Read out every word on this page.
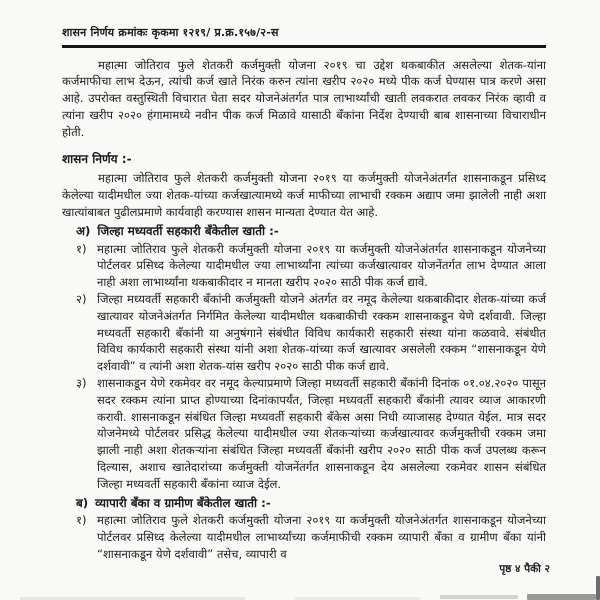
शासन निर्णय क्रमांकः कृकमा १२१९/ प्र.क्र.१५७/२-स

महात्मा जोतिराव फुले शेतकरी कर्जमुक्ती योजना २०१९ चा उद्देश थकबाकीत असलेल्या शेतक-यांना कर्जमाफीचा लाभ देऊन, त्यांची कर्ज खाते निरंक करुन त्यांना खरीप २०२० मध्ये पीक कर्ज घेण्यास पात्र करणे असा आहे. उपरोक्त वस्तुस्थिती विचारात घेता सदर योजनेअंतर्गत पात्र लाभार्थ्यांची खाती लवकरात लवकर निरंक व्हावी व त्यांना खरीप २०२० हंगामामध्ये नवीन पीक कर्ज मिळावे यासाठी बँकांना निर्देश देण्याची बाब शासनाच्या विचाराधीन होती.

शासन निर्णय :-

महात्मा जोतिराव फुले शेतकरी कर्जमुक्ती योजना २०१९ या कर्जमुक्ती योजनेअंतर्गत शासनाकडून प्रसिध्द केलेल्या यादीमधील ज्या शेतक-यांच्या कर्जखात्यामध्ये कर्ज माफीच्या लाभाची रक्कम अद्याप जमा झालेली नाही अशा खात्यांबाबत पुढीलप्रमाणे कार्यवाही करण्यास शासन मान्यता देण्यात येत आहे.

अ) जिल्हा मध्यवर्ती सहकारी बँकेतील खाती :-
१) महात्मा जोतिराव फुले शेतकरी कर्जमुक्ती योजना २०१९ या कर्जमुक्ती योजनेअंतर्गत शासनाकडून योजनेच्या पोर्टलवर प्रसिध्द केलेल्या यादीमधील ज्या लाभार्थ्यांना त्यांच्या कर्जखात्यावर योजनेंतर्गत लाभ देण्यात आला नाही अशा लाभार्थ्यांना थकबाकीदार न मानता खरीप २०२० साठी पीक कर्ज द्यावे.
२) जिल्हा मध्यवर्ती सहकारी बँकांनी कर्जमुक्ती योजने अंतर्गत वर नमूद केलेल्या थकबाकीदार शेतक-यांच्या कर्ज खात्यावर योजनेअंतर्गत निर्गमित केलेल्या यादीमधील थकबाकीची रक्कम शासनाकडून येणे दर्शवावी. जिल्हा मध्यवर्ती सहकारी बँकांनी या अनुषंगाने संबंधीत विविध कार्यकारी सहकारी संस्था यांना कळवावे. संबंधीत विविध कार्यकारी सहकारी संस्था यांनी अशा शेतक-यांच्या कर्ज खात्यावर असलेली रक्कम “शासनाकडून येणे दर्शवावी” व त्यांनी अशा शेतक-यांस खरीप २०२० साठी पीक कर्ज द्यावे.
३) शासनाकडून येणे रकमेवर वर नमूद केल्याप्रमाणे जिल्हा मध्यवर्ती सहकारी बँकांनी दिनांक ०१.०४.२०२० पासून सदर रक्कम त्यांना प्राप्त होण्याच्या दिनांकापर्यंत, जिल्हा मध्यवर्ती सहकारी बँकांनी त्यावर व्याज आकारणी करावी. शासनाकडून संबंधित जिल्हा मध्यवर्ती सहकारी बँकेस असा निधी व्याजासह देण्यात येईल. मात्र सदर योजनेमध्ये पोर्टलवर प्रसिद्ध केलेल्या यादीमधील ज्या शेतकऱ्यांच्या कर्जखात्यावर कर्जमुक्तीची रक्कम जमा झाली नाही अशा शेतकऱ्यांना संबंधित जिल्हा मध्यवर्ती बँकांनी खरीप २०२० साठी पीक कर्ज उपलब्ध करून दिल्यास, अशाच खातेदारांच्या कर्जमुक्ती योजनेंतर्गत शासनाकडून देय असलेल्या रकमेवर शासन संबंधित जिल्हा मध्यवर्ती सहकारी बँकांना व्याज देईल.
ब) व्यापारी बँका व ग्रामीण बँकेतील खाती :-
१) महात्मा जोतिराव फुले शेतकरी कर्जमुक्ती योजना २०१९ या कर्जमुक्ती योजनेअंतर्गत शासनाकडून योजनेच्या पोर्टलवर प्रसिध्द केलेल्या यादीमधील लाभार्थ्यांच्या कर्जमाफीची रक्कम व्यापारी बँका व ग्रामीण बँका यांनी “शासनाकडून येणे दर्शवावी” तसेच, व्यापारी व
पृष्ठ ४ पैकी २
